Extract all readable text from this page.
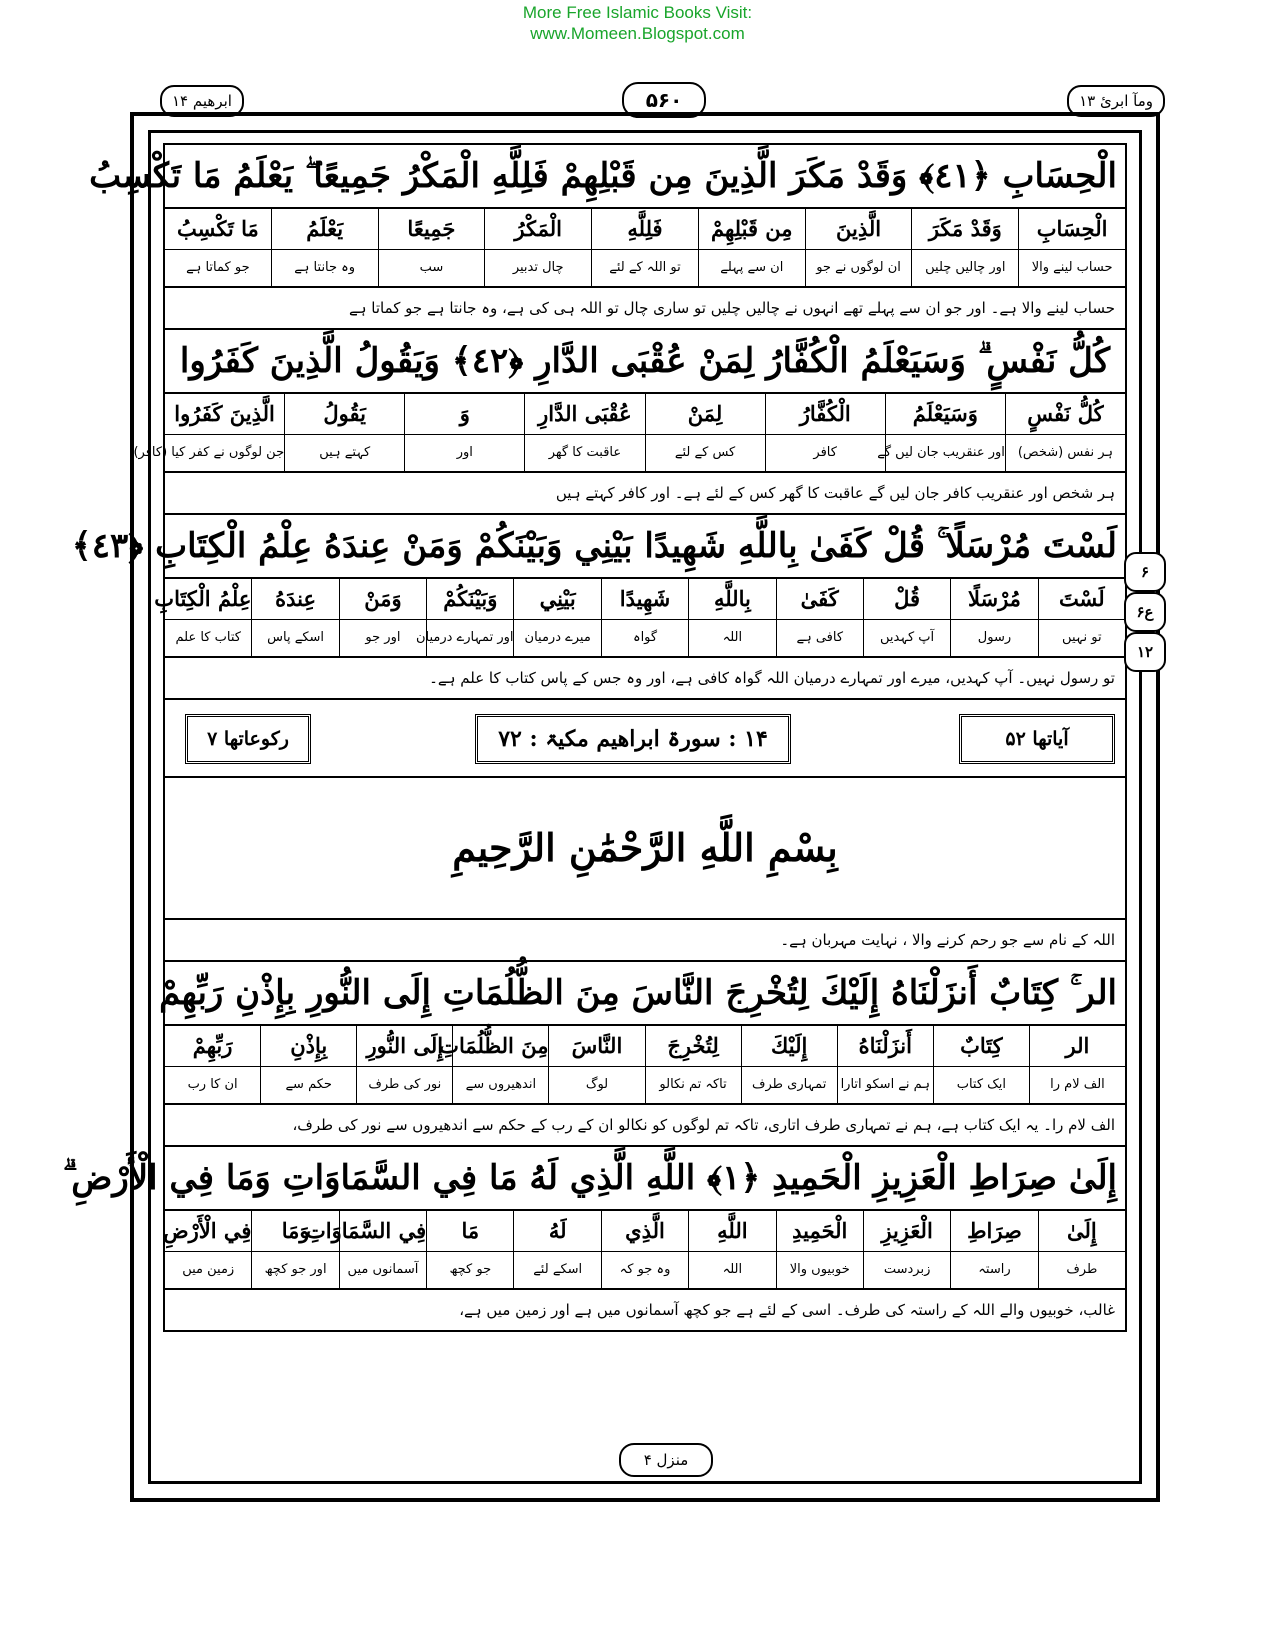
More Free Islamic Books Visit:
www.Momeen.Blogspot.com
ابرھیم ۱۴	۵۶۰	ومآ ابرئ ۱۳
الْحِسَابِ ﴿٤١﴾ وَقَدْ مَكَرَ الَّذِينَ مِن قَبْلِهِمْ فَلِلَّهِ الْمَكْرُ جَمِيعًا ۖ يَعْلَمُ مَا تَكْسِبُ
الْحِسَابِ
حساب لینے والا
وَقَدْ مَكَرَ
اور چالیں چلیں
الَّذِينَ
ان لوگوں نے جو
مِن قَبْلِهِمْ
ان سے پہلے
فَلِلَّهِ
تو اللہ کے لئے
الْمَكْرُ
چال تدبیر
جَمِيعًا
سب
يَعْلَمُ
وہ جانتا ہے
مَا تَكْسِبُ
جو کماتا ہے
حساب لینے والا ہے۔ اور جو ان سے پہلے تھے انہوں نے چالیں چلیں تو ساری چال تو اللہ ہی کی ہے، وہ جانتا ہے جو کماتا ہے
كُلُّ نَفْسٍ ۗ وَسَيَعْلَمُ الْكُفَّارُ لِمَنْ عُقْبَى الدَّارِ ﴿٤٢﴾ وَيَقُولُ الَّذِينَ كَفَرُوا
كُلُّ نَفْسٍ
ہر نفس (شخص)
وَسَيَعْلَمُ
اور عنقریب جان لیں گے
الْكُفَّارُ
کافر
لِمَنْ
کس کے لئے
عُقْبَى الدَّارِ
عاقبت کا گھر
وَ
اور
يَقُولُ
کہتے ہیں
الَّذِينَ كَفَرُوا
جن لوگوں نے کفر کیا (کافر)
ہر شخص اور عنقریب کافر جان لیں گے عاقبت کا گھر کس کے لئے ہے۔ اور کافر کہتے ہیں
لَسْتَ مُرْسَلًا ۚ قُلْ كَفَىٰ بِاللَّهِ شَهِيدًا بَيْنِي وَبَيْنَكُمْ وَمَنْ عِندَهُ عِلْمُ الْكِتَابِ ﴿٤٣﴾
لَسْتَ
تو نہیں
مُرْسَلًا
رسول
قُلْ
آپ کہدیں
كَفَىٰ
کافی ہے
بِاللَّهِ
اللہ
شَهِيدًا
گواہ
بَيْنِي
میرے درمیان
وَبَيْنَكُمْ
اور تمہارے درمیان
وَمَنْ
اور جو
عِندَهُ
اسکے پاس
عِلْمُ الْكِتَابِ
کتاب کا علم
تو رسول نہیں۔ آپ کہدیں، میرے اور تمہارے درمیان اللہ گواہ کافی ہے، اور وہ جس کے پاس کتاب کا علم ہے۔
آیاتھا ۵۲
۱۴ : سورۃ ابراھیم مکیۃ : ۷۲
رکوعاتھا ۷
بِسْمِ اللَّهِ الرَّحْمَٰنِ الرَّحِيمِ
اللہ کے نام سے جو رحم کرنے والا ، نہایت مہربان ہے۔
الر ۚ كِتَابٌ أَنزَلْنَاهُ إِلَيْكَ لِتُخْرِجَ النَّاسَ مِنَ الظُّلُمَاتِ إِلَى النُّورِ بِإِذْنِ رَبِّهِمْ
الر
الف لام را
كِتَابٌ
ایک کتاب
أَنزَلْنَاهُ
ہم نے اسکو اتارا
إِلَيْكَ
تمہاری طرف
لِتُخْرِجَ
تاکہ تم نکالو
النَّاسَ
لوگ
مِنَ الظُّلُمَاتِ
اندھیروں سے
إِلَى النُّورِ
نور کی طرف
بِإِذْنِ
حکم سے
رَبِّهِمْ
ان کا رب
الف لام را۔ یہ ایک کتاب ہے، ہم نے تمہاری طرف اتاری، تاکہ تم لوگوں کو نکالو ان کے رب کے حکم سے اندھیروں سے نور کی طرف،
إِلَىٰ صِرَاطِ الْعَزِيزِ الْحَمِيدِ ﴿١﴾ اللَّهِ الَّذِي لَهُ مَا فِي السَّمَاوَاتِ وَمَا فِي الْأَرْضِ ۗ
إِلَىٰ
طرف
صِرَاطِ
راستہ
الْعَزِيزِ
زبردست
الْحَمِيدِ
خوبیوں والا
اللَّهِ
اللہ
الَّذِي
وہ جو کہ
لَهُ
اسکے لئے
مَا
جو کچھ
فِي السَّمَاوَاتِ
آسمانوں میں
وَمَا
اور جو کچھ
فِي الْأَرْضِ
زمین میں
غالب، خوبیوں والے اللہ کے راستہ کی طرف۔ اسی کے لئے ہے جو کچھ آسمانوں میں ہے اور زمین میں ہے،
منزل ۴
۶
ع۶
۱۲
